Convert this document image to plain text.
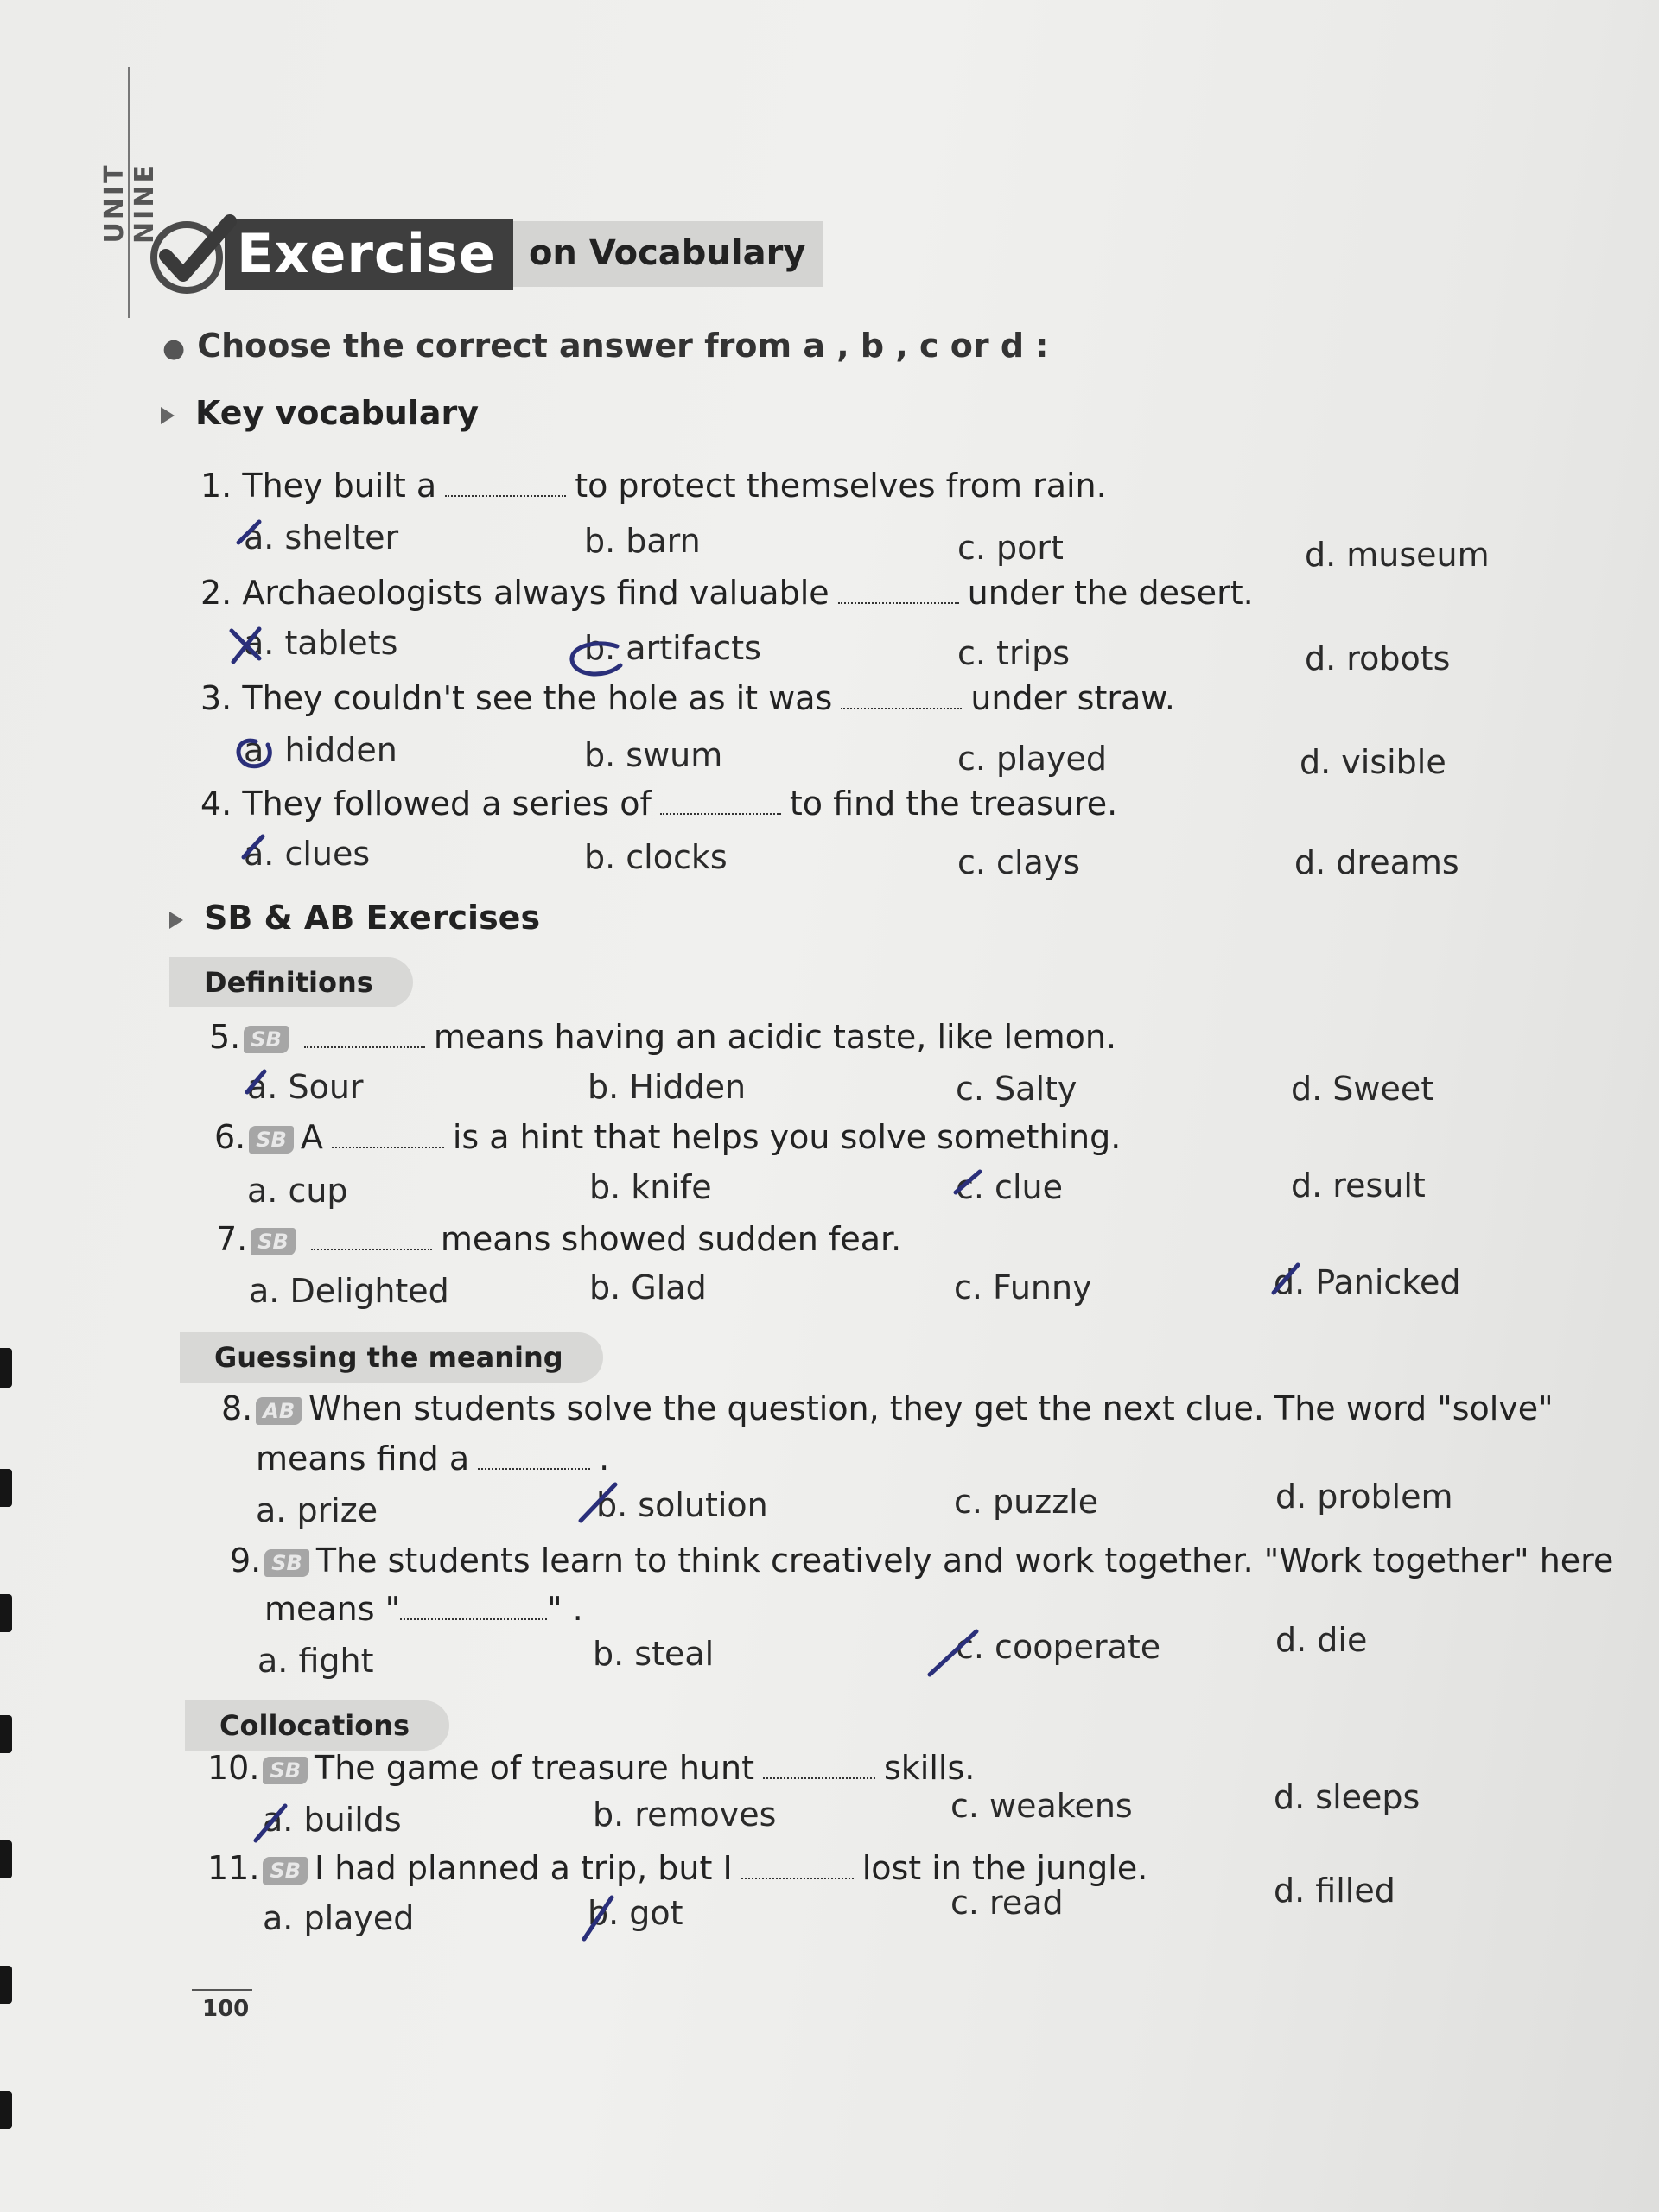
UNIT NINE
Exercise on Vocabulary
● Choose the correct answer from a , b , c or d :
Key vocabulary
1. They built a	to protect themselves from rain.
a. shelter	b. barn	c. port	d. museum
2. Archaeologists always find valuable	under the desert.
a. tablets	b. artifacts	c. trips	d. robots
3. They couldn't see the hole as it was	under straw.
a. hidden	b. swum	c. played	d. visible
4. They followed a series of	to find the treasure.
a. clues	b. clocks	c. clays	d. dreams
SB & AB Exercises
Definitions
5. SB	means having an acidic taste, like lemon.
a. Sour	b. Hidden	c. Salty	d. Sweet
6. SB A	is a hint that helps you solve something.
a. cup	b. knife	c. clue	d. result
7. SB	means showed sudden fear.
a. Delighted	b. Glad	c. Funny	d. Panicked
Guessing the meaning
8. AB When students solve the question, they get the next clue. The word "solve"
means find a	.
a. prize	b. solution	c. puzzle	d. problem
9. SB The students learn to think creatively and work together. "Work together" here
means "	" .
a. fight	b. steal	c. cooperate	d. die
Collocations
10. SB The game of treasure hunt	skills.
a. builds	b. removes	c. weakens	d. sleeps
11. SB I had planned a trip, but I	lost in the jungle.
a. played	b. got	c. read	d. filled
100
